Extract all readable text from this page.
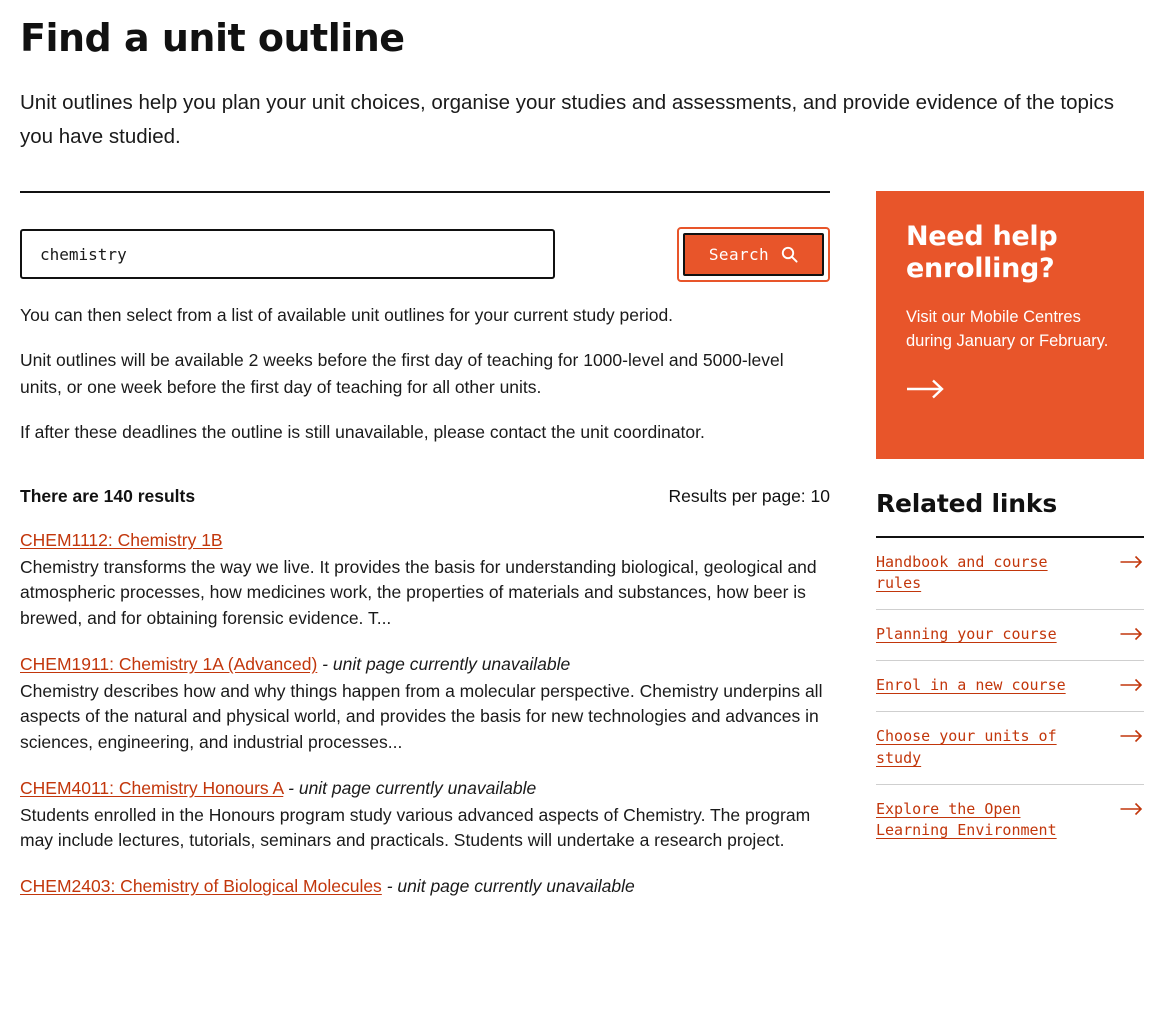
Find a unit outline

Unit outlines help you plan your unit choices, organise your studies and assessments, and provide evidence of the topics you have studied.

chemistry
Search

You can then select from a list of available unit outlines for your current study period.

Unit outlines will be available 2 weeks before the first day of teaching for 1000-level and 5000-level units, or one week before the first day of teaching for all other units.

If after these deadlines the outline is still unavailable, please contact the unit coordinator.

There are 140 results	Results per page: 10

CHEM1112: Chemistry 1B

Chemistry transforms the way we live. It provides the basis for understanding biological, geological and atmospheric processes, how medicines work, the properties of materials and substances, how beer is brewed, and for obtaining forensic evidence. T...

CHEM1911: Chemistry 1A (Advanced) - unit page currently unavailable

Chemistry describes how and why things happen from a molecular perspective. Chemistry underpins all aspects of the natural and physical world, and provides the basis for new technologies and advances in sciences, engineering, and industrial processes...

CHEM4011: Chemistry Honours A - unit page currently unavailable

Students enrolled in the Honours program study various advanced aspects of Chemistry. The program may include lectures, tutorials, seminars and practicals. Students will undertake a research project.

CHEM2403: Chemistry of Biological Molecules - unit page currently unavailable

Need help enrolling?

Visit our Mobile Centres during January or February.

Related links
Handbook and course rules
Planning your course
Enrol in a new course
Choose your units of study
Explore the Open Learning Environment
